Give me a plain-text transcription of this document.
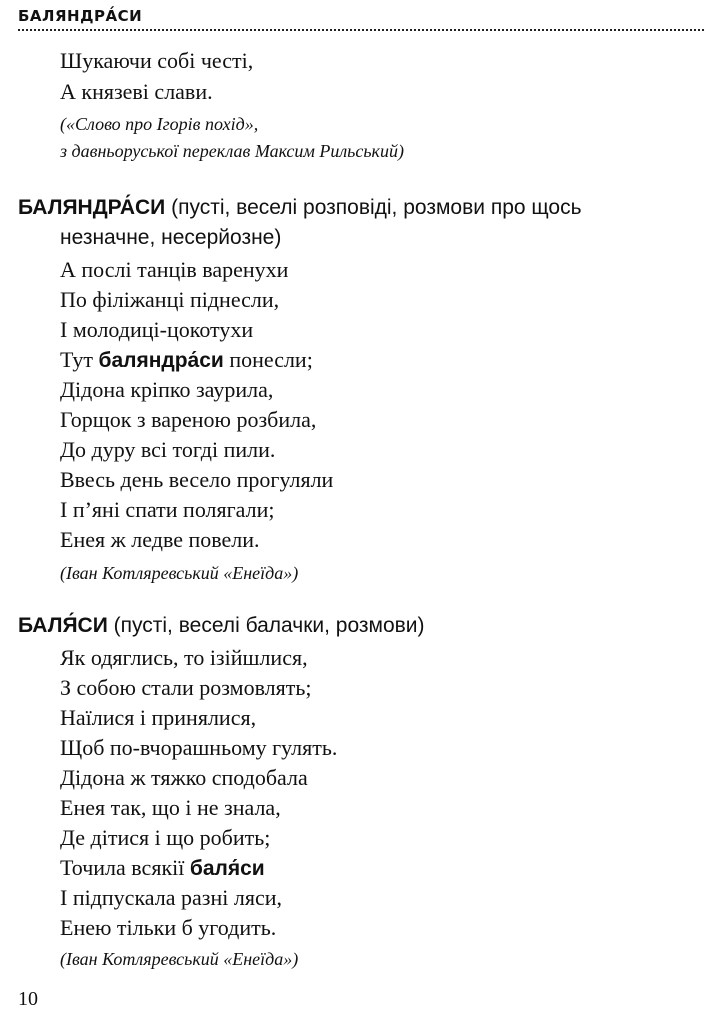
БАЛЯНДРА́СИ
Шукаючи собі честі,
А князеві слави.
(«Слово про Ігорів похід»,
з давньоруської переклав Максим Рильський)
БАЛЯНДРА́СИ (пусті, веселі розповіді, розмови про щось
незначне, несерйозне)
А послі танців варенухи
По філіжанці піднесли,
І молодиці-цокотухи
Тут баляндра́си понесли;
Дідона кріпко заурила,
Горщок з вареною розбила,
До дуру всі тогді пили.
Ввесь день весело прогуляли
І п’яні спати полягали;
Енея ж ледве повели.
(Іван Котляревський «Енеїда»)
БАЛЯ́СИ (пусті, веселі балачки, розмови)
Як одяглись, то ізійшлися,
З собою стали розмовлять;
Наїлися і принялися,
Щоб по-вчорашньому гулять.
Дідона ж тяжко сподобала
Енея так, що і не знала,
Де дітися і що робить;
Точила всякії баля́си
І підпускала разні ляси,
Енею тільки б угодить.
(Іван Котляревський «Енеїда»)
10
